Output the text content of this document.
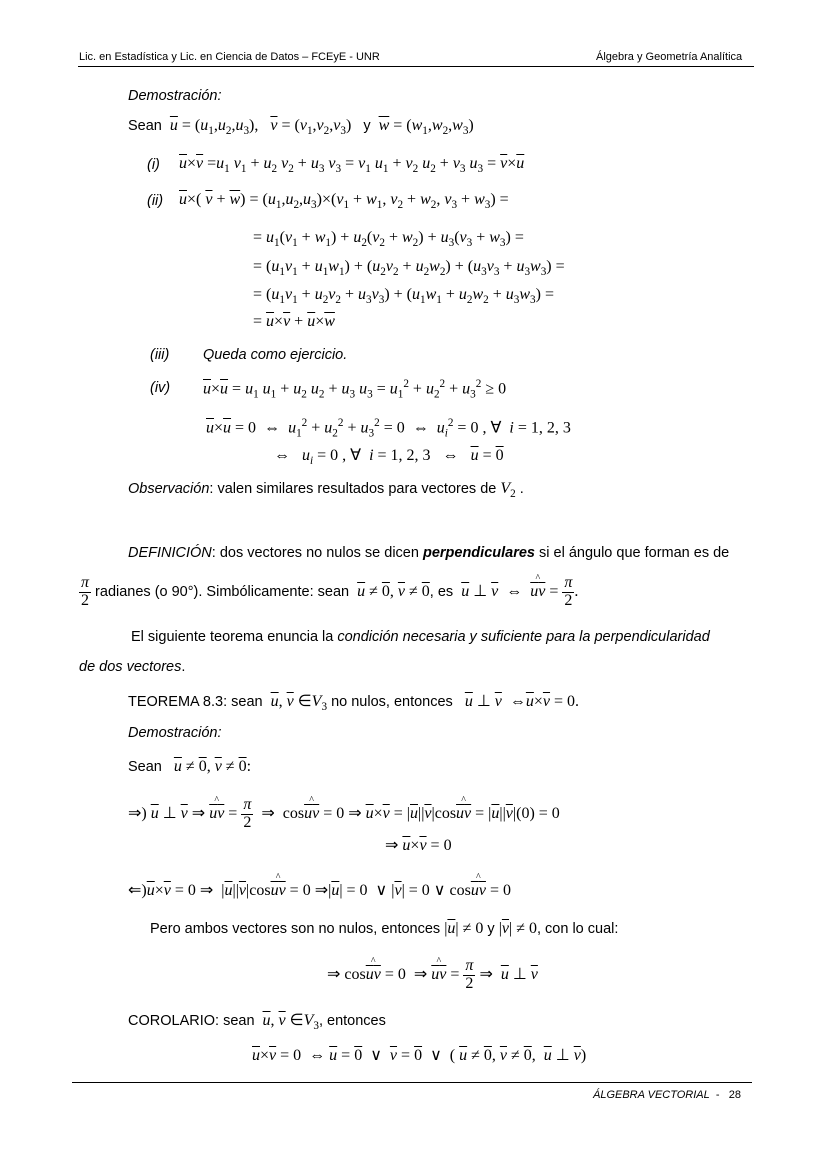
Lic. en Estadística y Lic. en Ciencia de Datos – FCEyE - UNR	Álgebra y Geometría Analítica
Demostración:
Sean $\overline{u} = (u_1,u_2,u_3)$,   $\overline{v} = (v_1,v_2,v_3)$   y $\overline{w} = (w_1,w_2,w_3)$
(i) $\overline{u}\times\overline{v} =u_1$ $v_1 + u_2$ $v_2 + u_3$ $v_3 = v_1$ $u_1 + v_2$ $u_2 + v_3$ $u_3 = \overline{v}\times\overline{u}$
(ii) $\overline{u}\times$( $\overline{v} + \overline{w}) = (u_1,u_2,u_3)\times(v_1 + w_1$, $v_2 + w_2$, $v_3 + w_3$) =
= $u_1(v_1 + w_1) + u_2(v_2 + w_2) + u_3(v_3 + w_3)$ =
= $(u_1v_1 + u_1w_1) + (u_2v_2 + u_2w_2) + (u_3v_3 + u_3w_3)$ =
= $(u_1v_1 + u_2v_2 + u_3v_3) + (u_1w_1 + u_2w_2 + u_3w_3)$ =
= $\overline{u}\times\overline{v} + \overline{u}\times\overline{w}$
(iii) Queda como ejercicio.
(iv) $\overline{u}\times\overline{u} = u_1$ $u_1 + u_2$ $u_2 + u_3$ $u_3 = u_1^2 + u_2^2 + u_3^2 \ge 0$
$\overline{u}\times\overline{u} = 0$  ⇔  $u_1^2 + u_2^2 + u_3^2 = 0$  ⇔  $u_i^2 = 0$ , ∀  i = 1, 2, 3
⇔   $u_i = 0$ , ∀  i = 1, 2, 3   ⇔   $\overline{u} = 0$
Observación: valen similares resultados para vectores de $V_2$ .
DEFINICIÓN: dos vectores no nulos se dicen perpendiculares si el ángulo que forman es de
$\frac{\pi}{2}$ radianes (o 90°). Simbólicamente: sean $\overline{u} \ne 0$, $\overline{v} \ne 0$, es $\overline{u}$ ⊥ $\overline{v}$  ⇔  ^ $\overline{u}\overline{v} = \frac{\pi}{2}$ .
El siguiente teorema enuncia la condición necesaria y suficiente para la perpendicularidad
de dos vectores.
TEOREMA 8.3: sean $\overline{u}$, $\overline{v}$ $\in V_3$ no nulos, entonces $\overline{u}$ ⊥ $\overline{v}$  $\Leftrightarrow\overline{u}\times\overline{v} = 0$.
Demostración:
Sean $\overline{u} \ne 0$, $\overline{v} \ne 0$:
⇒) $\overline{u}$ ⊥ $\overline{v}$ ⇒ ^ $\overline{u}\overline{v} = \frac{\pi}{2}$ ⇒  cos^ $\overline{u}\overline{v} = 0$ ⇒ $\overline{u}\times\overline{v}$ = $|\overline{u}||\overline{v}|\cos\^{}$ $\overline{u}\overline{v} = |\overline{u}||\overline{v}|(0) = 0$
⇒ $\overline{u}\times\overline{v} = 0$
$⇐)\overline{u}\times\overline{v} = 0$ ⇒  $|\overline{u}||\overline{v}|\cos\^{}$ $\overline{u}\overline{v} = 0$ $\Rightarrow|\overline{u}| = 0$  ∨ $|\overline{v}| = 0$ ∨ cos^ $\overline{u}\overline{v} = 0$
Pero ambos vectores son no nulos, entonces $|\overline{u}| \ne 0$ y $|\overline{v}| \ne 0$, con lo cual:
⇒ cos^ $\overline{u}\overline{v} = 0$  ⇒ ^ $\overline{u}\overline{v} = \frac{\pi}{2}$ ⇒  $\overline{u}$ ⊥ $\overline{v}$
COROLARIO: sean $\overline{u}$, $\overline{v}$ $\in V_3$, entonces
$\overline{u}\times\overline{v} = 0$  ⇔ $\overline{u} = 0$  ∨  $\overline{v} = 0$  ∨  ( $\overline{u} \ne 0$, $\overline{v} \ne 0$,  $\overline{u}$ ⊥ $\overline{v}$)
ÁLGEBRA VECTORIAL - 28
